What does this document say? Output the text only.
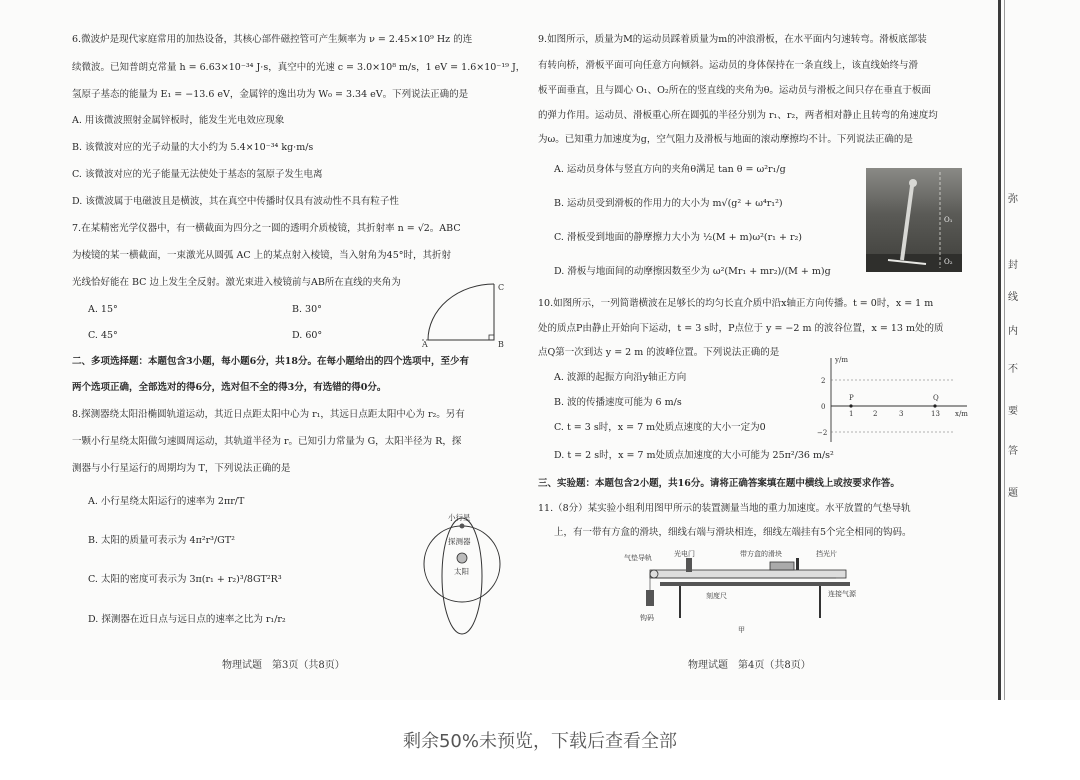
6.微波炉是现代家庭常用的加热设备，其核心部件磁控管可产生频率为 ν = 2.45×10⁹ Hz 的连
续微波。已知普朗克常量 h = 6.63×10⁻³⁴ J·s，真空中的光速 c = 3.0×10⁸ m/s，1 eV = 1.6×10⁻¹⁹ J，
氢原子基态的能量为 E₁ = −13.6 eV，金属锌的逸出功为 W₀ = 3.34 eV。下列说法正确的是
A. 用该微波照射金属锌板时，能发生光电效应现象
B. 该微波对应的光子动量的大小约为 5.4×10⁻³⁴ kg·m/s
C. 该微波对应的光子能量无法使处于基态的氢原子发生电离
D. 该微波属于电磁波且是横波，其在真空中传播时仅具有波动性不具有粒子性
7.在某精密光学仪器中，有一横截面为四分之一圆的透明介质棱镜，其折射率 n = √2。ABC
为棱镜的某一横截面，一束激光从圆弧 AC 上的某点射入棱镜，当入射角为45°时，其折射
光线恰好能在 BC 边上发生全反射。激光束进入棱镜前与AB所在直线的夹角为
A. 15°	B. 30°
C. 45°	D. 60°
二、多项选择题：本题包含3小题，每小题6分，共18分。在每小题给出的四个选项中，至少有
两个选项正确，全部选对的得6分，选对但不全的得3分，有选错的得0分。
8.探测器绕太阳沿椭圆轨道运动，其近日点距太阳中心为 r₁，其远日点距太阳中心为 r₂。另有
一颗小行星绕太阳做匀速圆周运动，其轨道半径为 r。已知引力常量为 G，太阳半径为 R，探
测器与小行星运行的周期均为 T，下列说法正确的是
A. 小行星绕太阳运行的速率为 2πr/T
B. 太阳的质量可表示为 4π²r³/GT²
C. 太阳的密度可表示为 3π(r₁ + r₂)³/8GT²R³
D. 探测器在近日点与远日点的速率之比为 r₁/r₂
物理试题　第3页（共8页）
A	B
C
小行星
探测器
太阳
9.如图所示，质量为M的运动员踩着质量为m的冲浪滑板，在水平面内匀速转弯。滑板底部装
有转向桥，滑板平面可向任意方向倾斜。运动员的身体保持在一条直线上，该直线始终与滑
板平面垂直，且与圆心 O₁、O₂所在的竖直线的夹角为θ。运动员与滑板之间只存在垂直于板面
的弹力作用。运动员、滑板重心所在圆弧的半径分别为 r₁、r₂，两者相对静止且转弯的角速度均
为ω。已知重力加速度为g，空气阻力及滑板与地面的滚动摩擦均不计。下列说法正确的是
A. 运动员身体与竖直方向的夹角θ满足 tan θ = ω²r₁/g
B. 运动员受到滑板的作用力的大小为 m√(g² + ω⁴r₁²)
C. 滑板受到地面的静摩擦力大小为 ½(M + m)ω²(r₁ + r₂)
D. 滑板与地面间的动摩擦因数至少为 ω²(Mr₁ + mr₂)/(M + m)g
10.如图所示，一列简谐横波在足够长的均匀长直介质中沿x轴正方向传播。t = 0时，x = 1 m
处的质点P由静止开始向下运动，t = 3 s时，P点位于 y = −2 m 的波谷位置，x = 13 m处的质
点Q第一次到达 y = 2 m 的波峰位置。下列说法正确的是
A. 波源的起振方向沿y轴正方向
B. 波的传播速度可能为 6 m/s
C. t = 3 s时，x = 7 m处质点速度的大小一定为0
D. t = 2 s时，x = 7 m处质点加速度的大小可能为 25π²/36 m/s²
三、实验题：本题包含2小题，共16分。请将正确答案填在题中横线上或按要求作答。
11.（8分）某实验小组利用图甲所示的装置测量当地的重力加速度。水平放置的气垫导轨
上，有一带有方盒的滑块，细线右端与滑块相连，细线左端挂有5个完全相同的钩码。
物理试题　第4页（共8页）
O₁
O₂
y/m
2
0
−2
P	Q
1	2	3	13 x/m
气垫导轨	光电门	带方盒的滑块	挡光片
连接气源
刻度尺
钩码
甲
弥
封
线
内
不
要
答
题
剩余50%未预览，下载后查看全部
